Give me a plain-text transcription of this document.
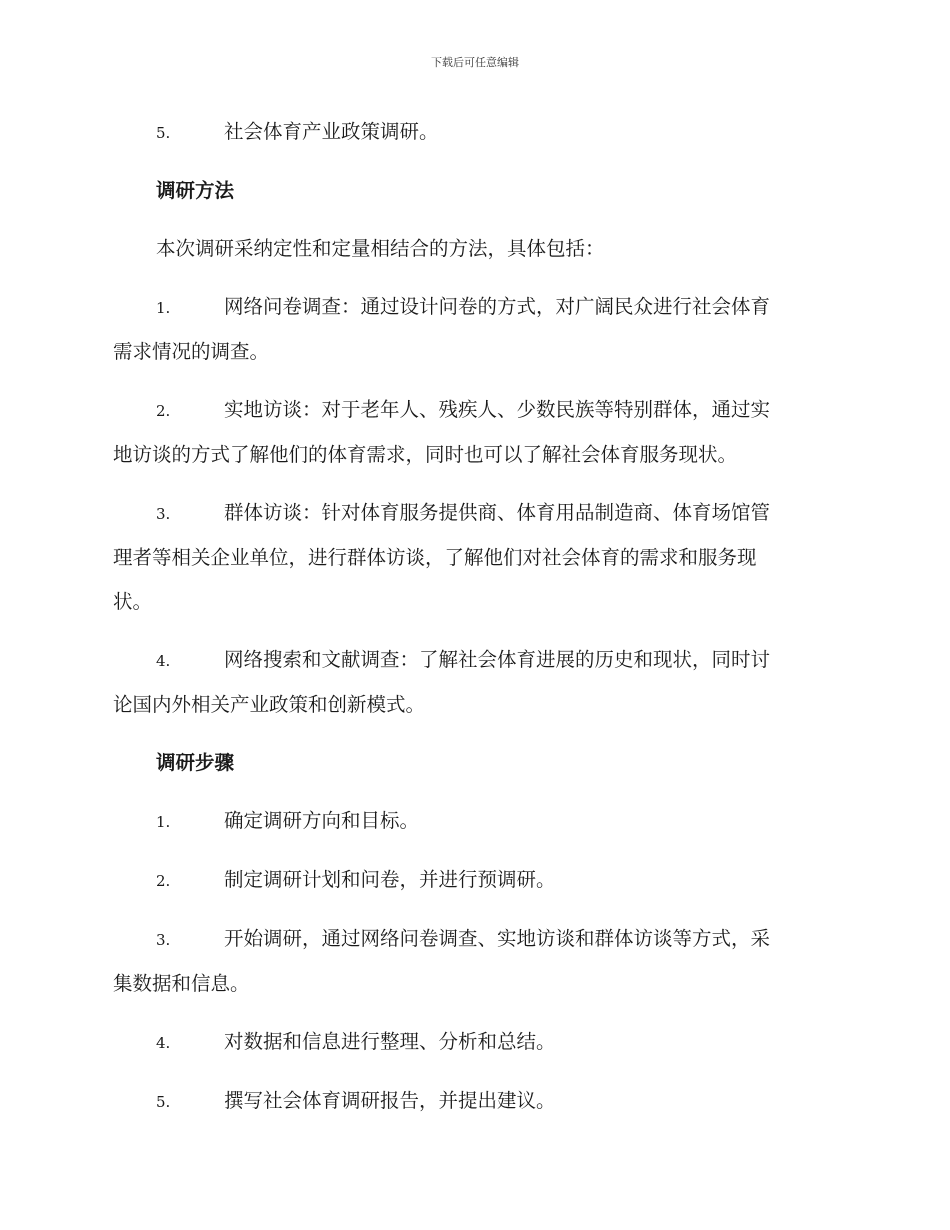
下载后可任意编辑
5.	社会体育产业政策调研。
调研方法
本次调研采纳定性和定量相结合的方法，具体包括：
1.	网络问卷调查：通过设计问卷的方式，对广阔民众进行社会体育
需求情况的调查。
2.	实地访谈：对于老年人、残疾人、少数民族等特别群体，通过实
地访谈的方式了解他们的体育需求，同时也可以了解社会体育服务现状。
3.	群体访谈：针对体育服务提供商、体育用品制造商、体育场馆管
理者等相关企业单位，进行群体访谈，了解他们对社会体育的需求和服务现
状。
4.	网络搜索和文献调查：了解社会体育进展的历史和现状，同时讨
论国内外相关产业政策和创新模式。
调研步骤
1.	确定调研方向和目标。
2.	制定调研计划和问卷，并进行预调研。
3.	开始调研，通过网络问卷调查、实地访谈和群体访谈等方式，采
集数据和信息。
4.	对数据和信息进行整理、分析和总结。
5.	撰写社会体育调研报告，并提出建议。
